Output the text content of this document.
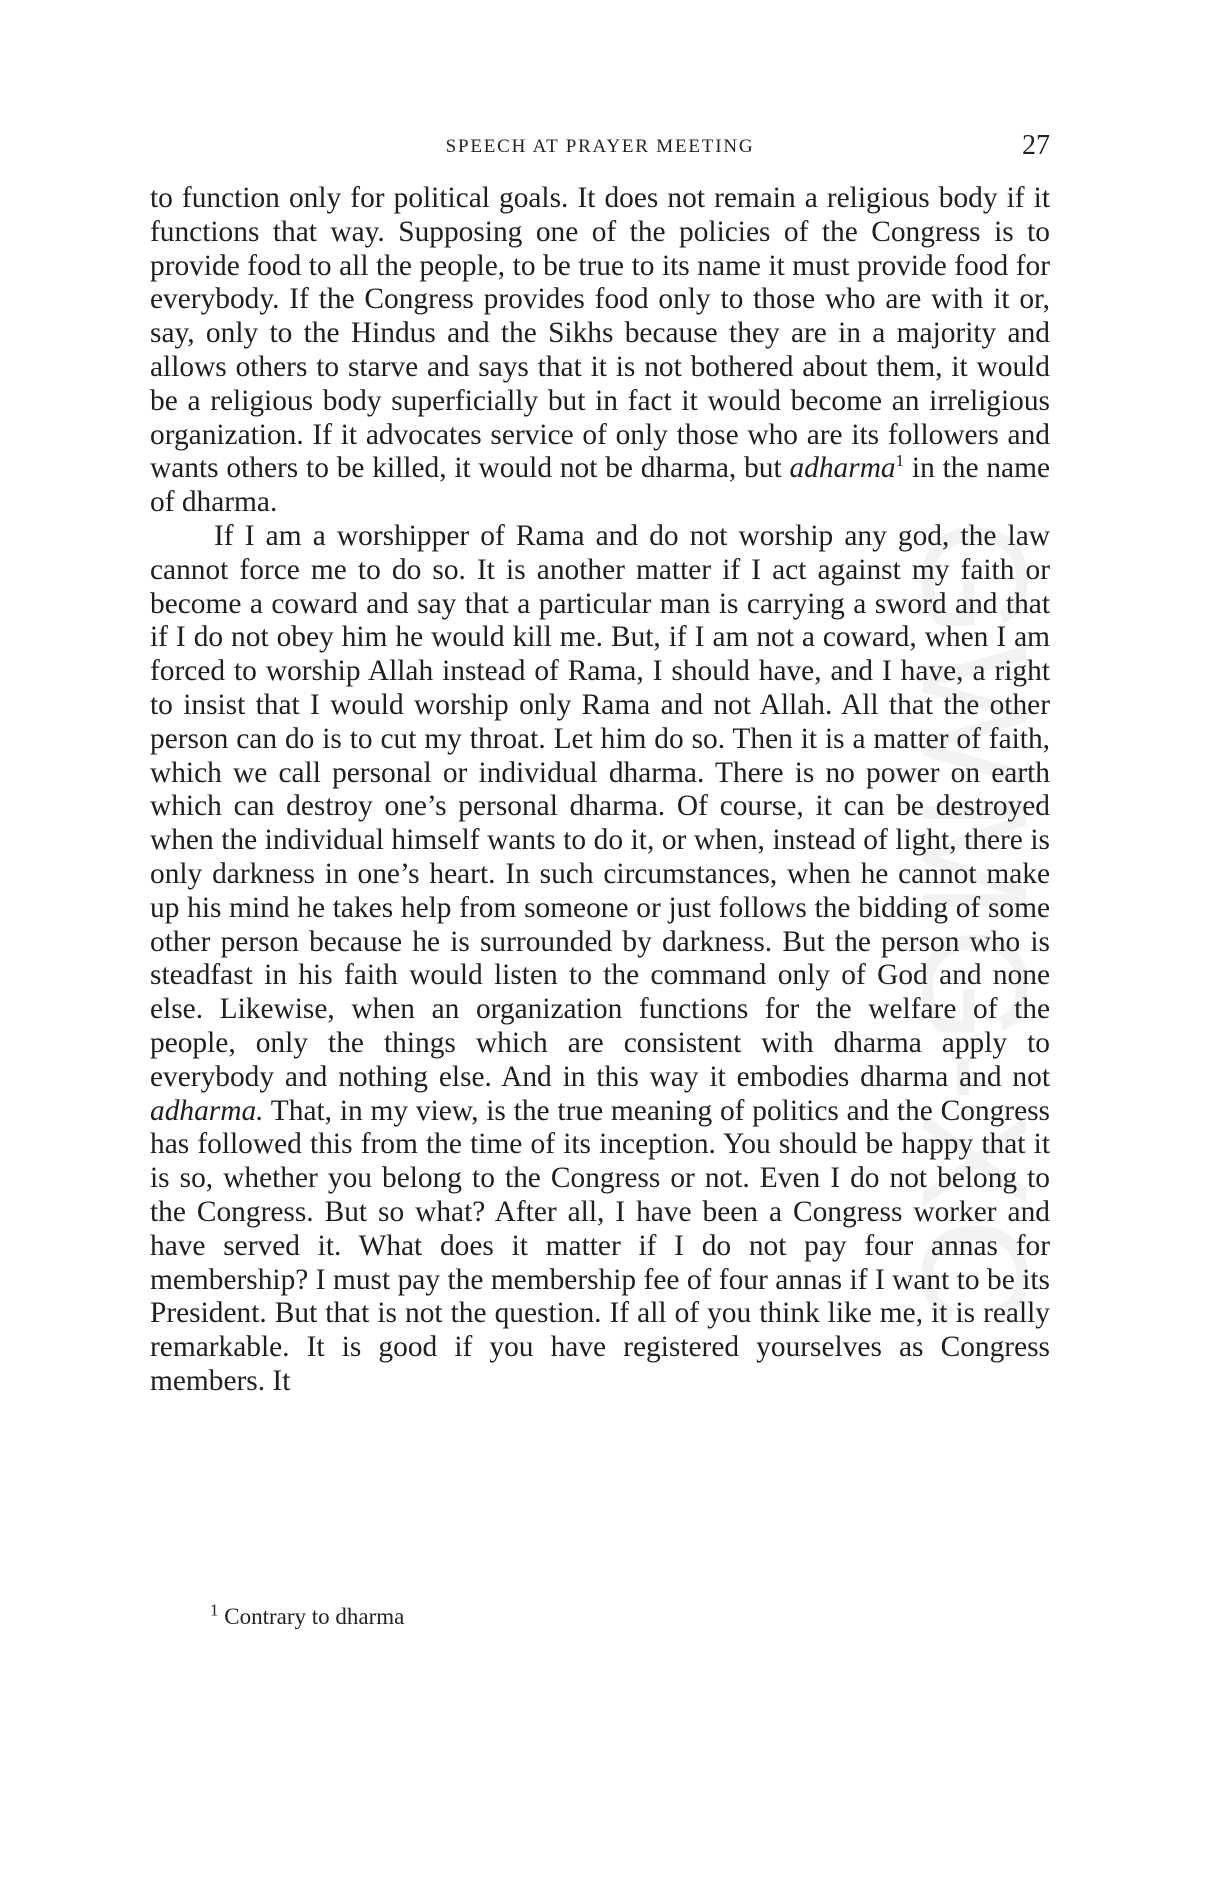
GWMG-XC
SPEECH AT PRAYER MEETING	27

to function only for political goals. It does not remain a religious body if it functions that way. Supposing one of the policies of the Congress is to provide food to all the people, to be true to its name it must provide food for everybody. If the Congress provides food only to those who are with it or, say, only to the Hindus and the Sikhs because they are in a majority and allows others to starve and says that it is not bothered about them, it would be a religious body superficially but in fact it would become an irreligious organization. If it advocates service of only those who are its followers and wants others to be killed, it would not be dharma, but adharma$^1$ in the name of dharma.

If I am a worshipper of Rama and do not worship any god, the law cannot force me to do so. It is another matter if I act against my faith or become a coward and say that a particular man is carrying a sword and that if I do not obey him he would kill me. But, if I am not a coward, when I am forced to worship Allah instead of Rama, I should have, and I have, a right to insist that I would worship only Rama and not Allah. All that the other person can do is to cut my throat. Let him do so. Then it is a matter of faith, which we call personal or individual dharma. There is no power on earth which can destroy one’s personal dharma. Of course, it can be destroyed when the individual himself wants to do it, or when, instead of light, there is only darkness in one’s heart. In such circumstances, when he cannot make up his mind he takes help from someone or just follows the bidding of some other person because he is surrounded by darkness. But the person who is steadfast in his faith would listen to the command only of God and none else. Likewise, when an organization functions for the welfare of the people, only the things which are consistent with dharma apply to everybody and nothing else. And in this way it embodies dharma and not adharma. That, in my view, is the true meaning of politics and the Congress has followed this from the time of its inception. You should be happy that it is so, whether you belong to the Congress or not. Even I do not belong to the Congress. But so what? After all, I have been a Congress worker and have served it. What does it matter if I do not pay four annas for membership? I must pay the membership fee of four annas if I want to be its President. But that is not the question. If all of you think like me, it is really remarkable. It is good if you have registered yourselves as Congress members. It

$^1$ Contrary to dharma
